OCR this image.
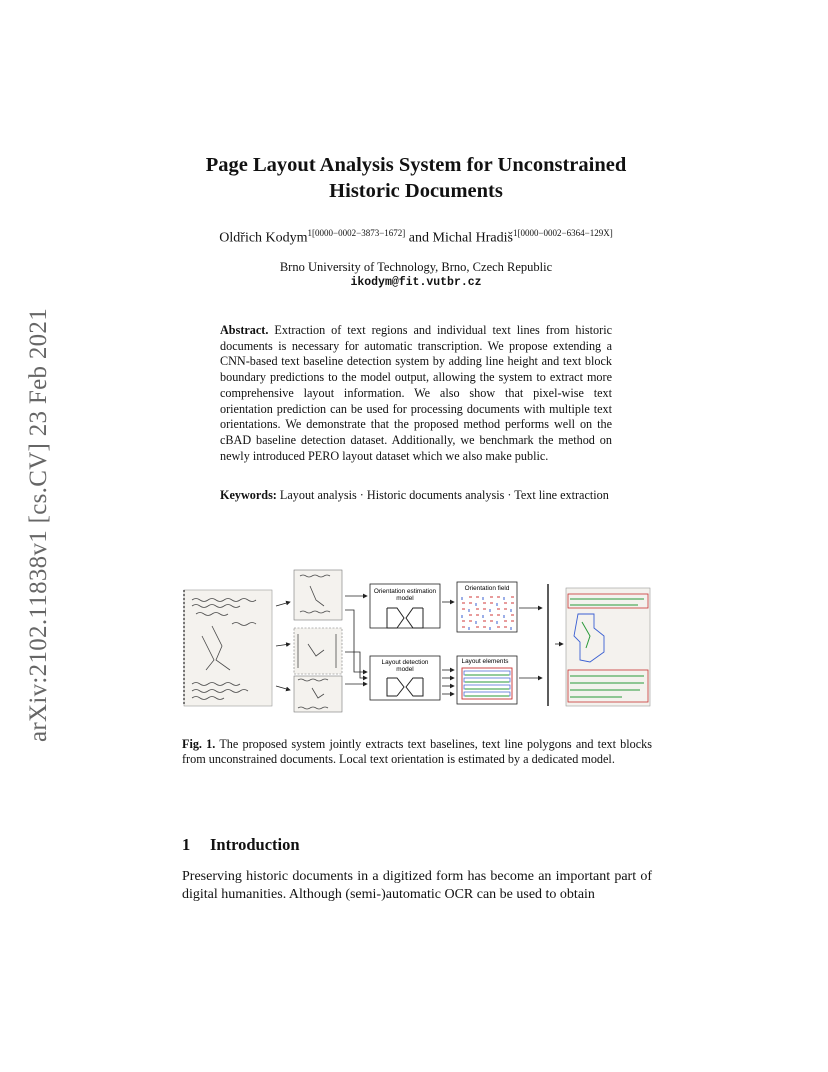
arXiv:2102.11838v1 [cs.CV] 23 Feb 2021
Page Layout Analysis System for Unconstrained
Historic Documents
Oldřich Kodym$^{1[0000-0002-3873-1672]}$ and Michal Hradiš$^{1[0000-0002-6364-129X]}$
Brno University of Technology, Brno, Czech Republic
ikodym@fit.vutbr.cz
Abstract. Extraction of text regions and individual text lines from historic documents is necessary for automatic transcription. We propose extending a CNN-based text baseline detection system by adding line height and text block boundary predictions to the model output, allowing the system to extract more comprehensive layout information. We also show that pixel-wise text orientation prediction can be used for processing documents with multiple text orientations. We demonstrate that the proposed method performs well on the cBAD baseline detection dataset. Additionally, we benchmark the method on newly introduced PERO layout dataset which we also make public.
Keywords: Layout analysis · Historic documents analysis · Text line extraction
Orientation estimation
model
Layout detection
model
Orientation field
Layout elements
Fig. 1. The proposed system jointly extracts text baselines, text line polygons and text blocks from unconstrained documents. Local text orientation is estimated by a dedicated model.
1 Introduction
Preserving historic documents in a digitized form has become an important part of digital humanities. Although (semi-)automatic OCR can be used to obtain
